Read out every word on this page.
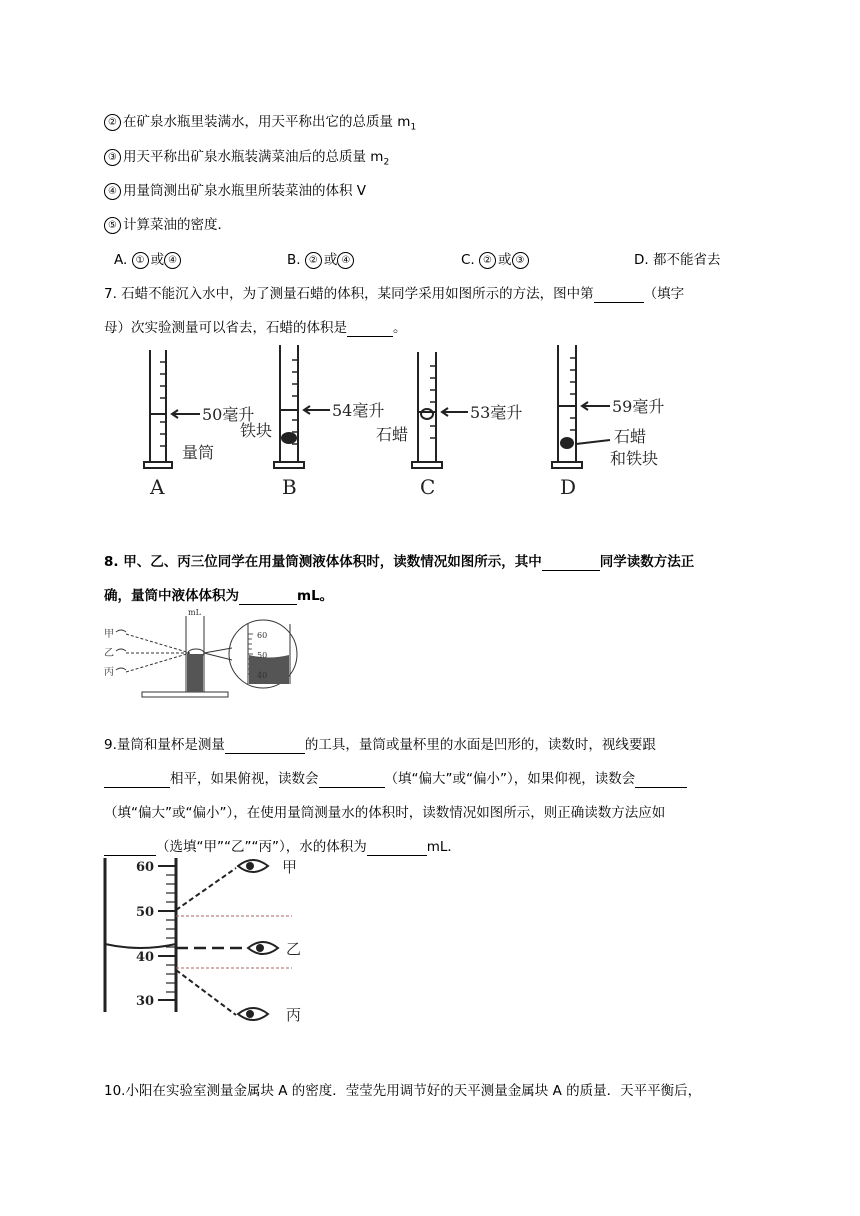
② 在矿泉水瓶里装满水，用天平称出它的总质量 $m_1$
③ 用天平称出矿泉水瓶装满菜油后的总质量 $m_2$
④ 用量筒测出矿泉水瓶里所装菜油的体积 V
⑤ 计算菜油的密度．
A. ① 或 ④	B. ② 或 ④	C. ② 或 ③	D. 都不能省去
7. 石蜡不能沉入水中，为了测量石蜡的体积，某同学采用如图所示的方法，图中第	（填字
母）次实验测量可以省去，石蜡的体积是	。
50毫升
量筒
A
54毫升
铁块
B
53毫升
石蜡
C
59毫升
石蜡
和铁块
D
8. 甲、乙、丙三位同学在用量筒测液体体积时，读数情况如图所示，其中	同学读数方法正
确，量筒中液体体积为	mL。
mL
60
50
40
甲
乙
丙
9.量筒和量杯是测量	的工具，量筒或量杯里的水面是凹形的，读数时，视线要跟
相平，如果俯视，读数会	（填“偏大”或“偏小”），如果仰视，读数会
（填“偏大”或“偏小”），在使用量筒测量水的体积时，读数情况如图所示，则正确读数方法应如
（选填“甲”“乙”“丙”），水的体积为	mL．
60
50
40
30
甲
乙
丙
10.小阳在实验室测量金属块 A 的密度．莹莹先用调节好的天平测量金属块 A 的质量．天平平衡后，
